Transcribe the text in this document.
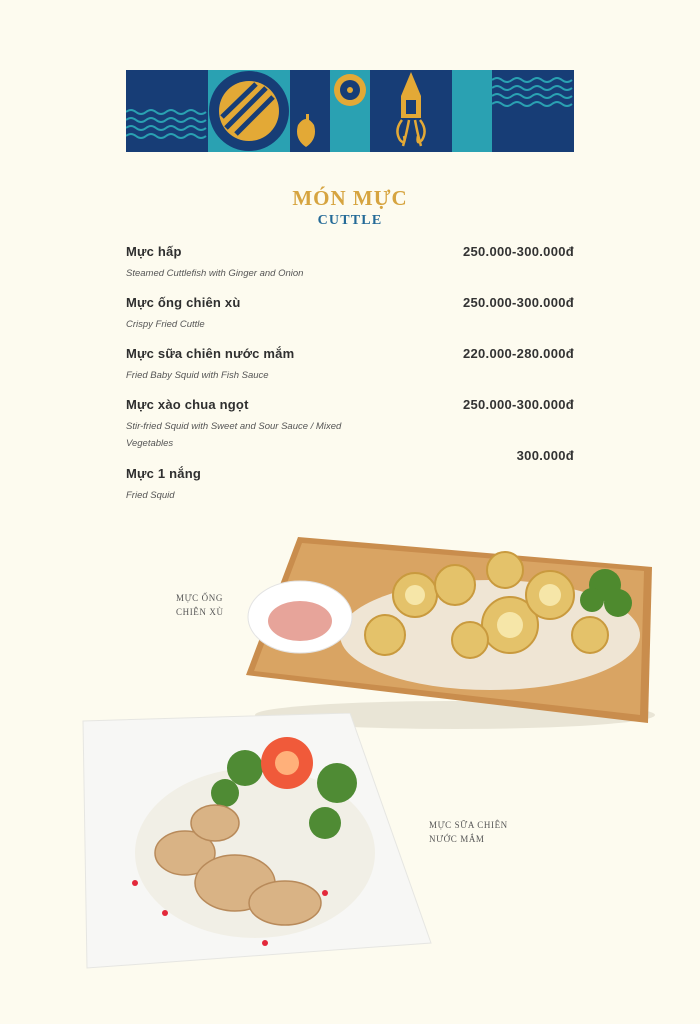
MÓN MỰC
CUTTLE
Mực hấp
Steamed Cuttlefish with Ginger and Onion
250.000-300.000đ
Mực ống chiên xù
Crispy Fried Cuttle
250.000-300.000đ
Mực sữa chiên nước mắm
Fried Baby Squid with Fish Sauce
220.000-280.000đ
Mực xào chua ngọt
Stir-fried Squid with Sweet and Sour Sauce / Mixed Vegetables
250.000-300.000đ
Mực 1 nắng
Fried Squid
300.000đ
MỰC ỐNG
CHIÊN XÙ
MỰC SỮA CHIÊN
NƯỚC MẮM
